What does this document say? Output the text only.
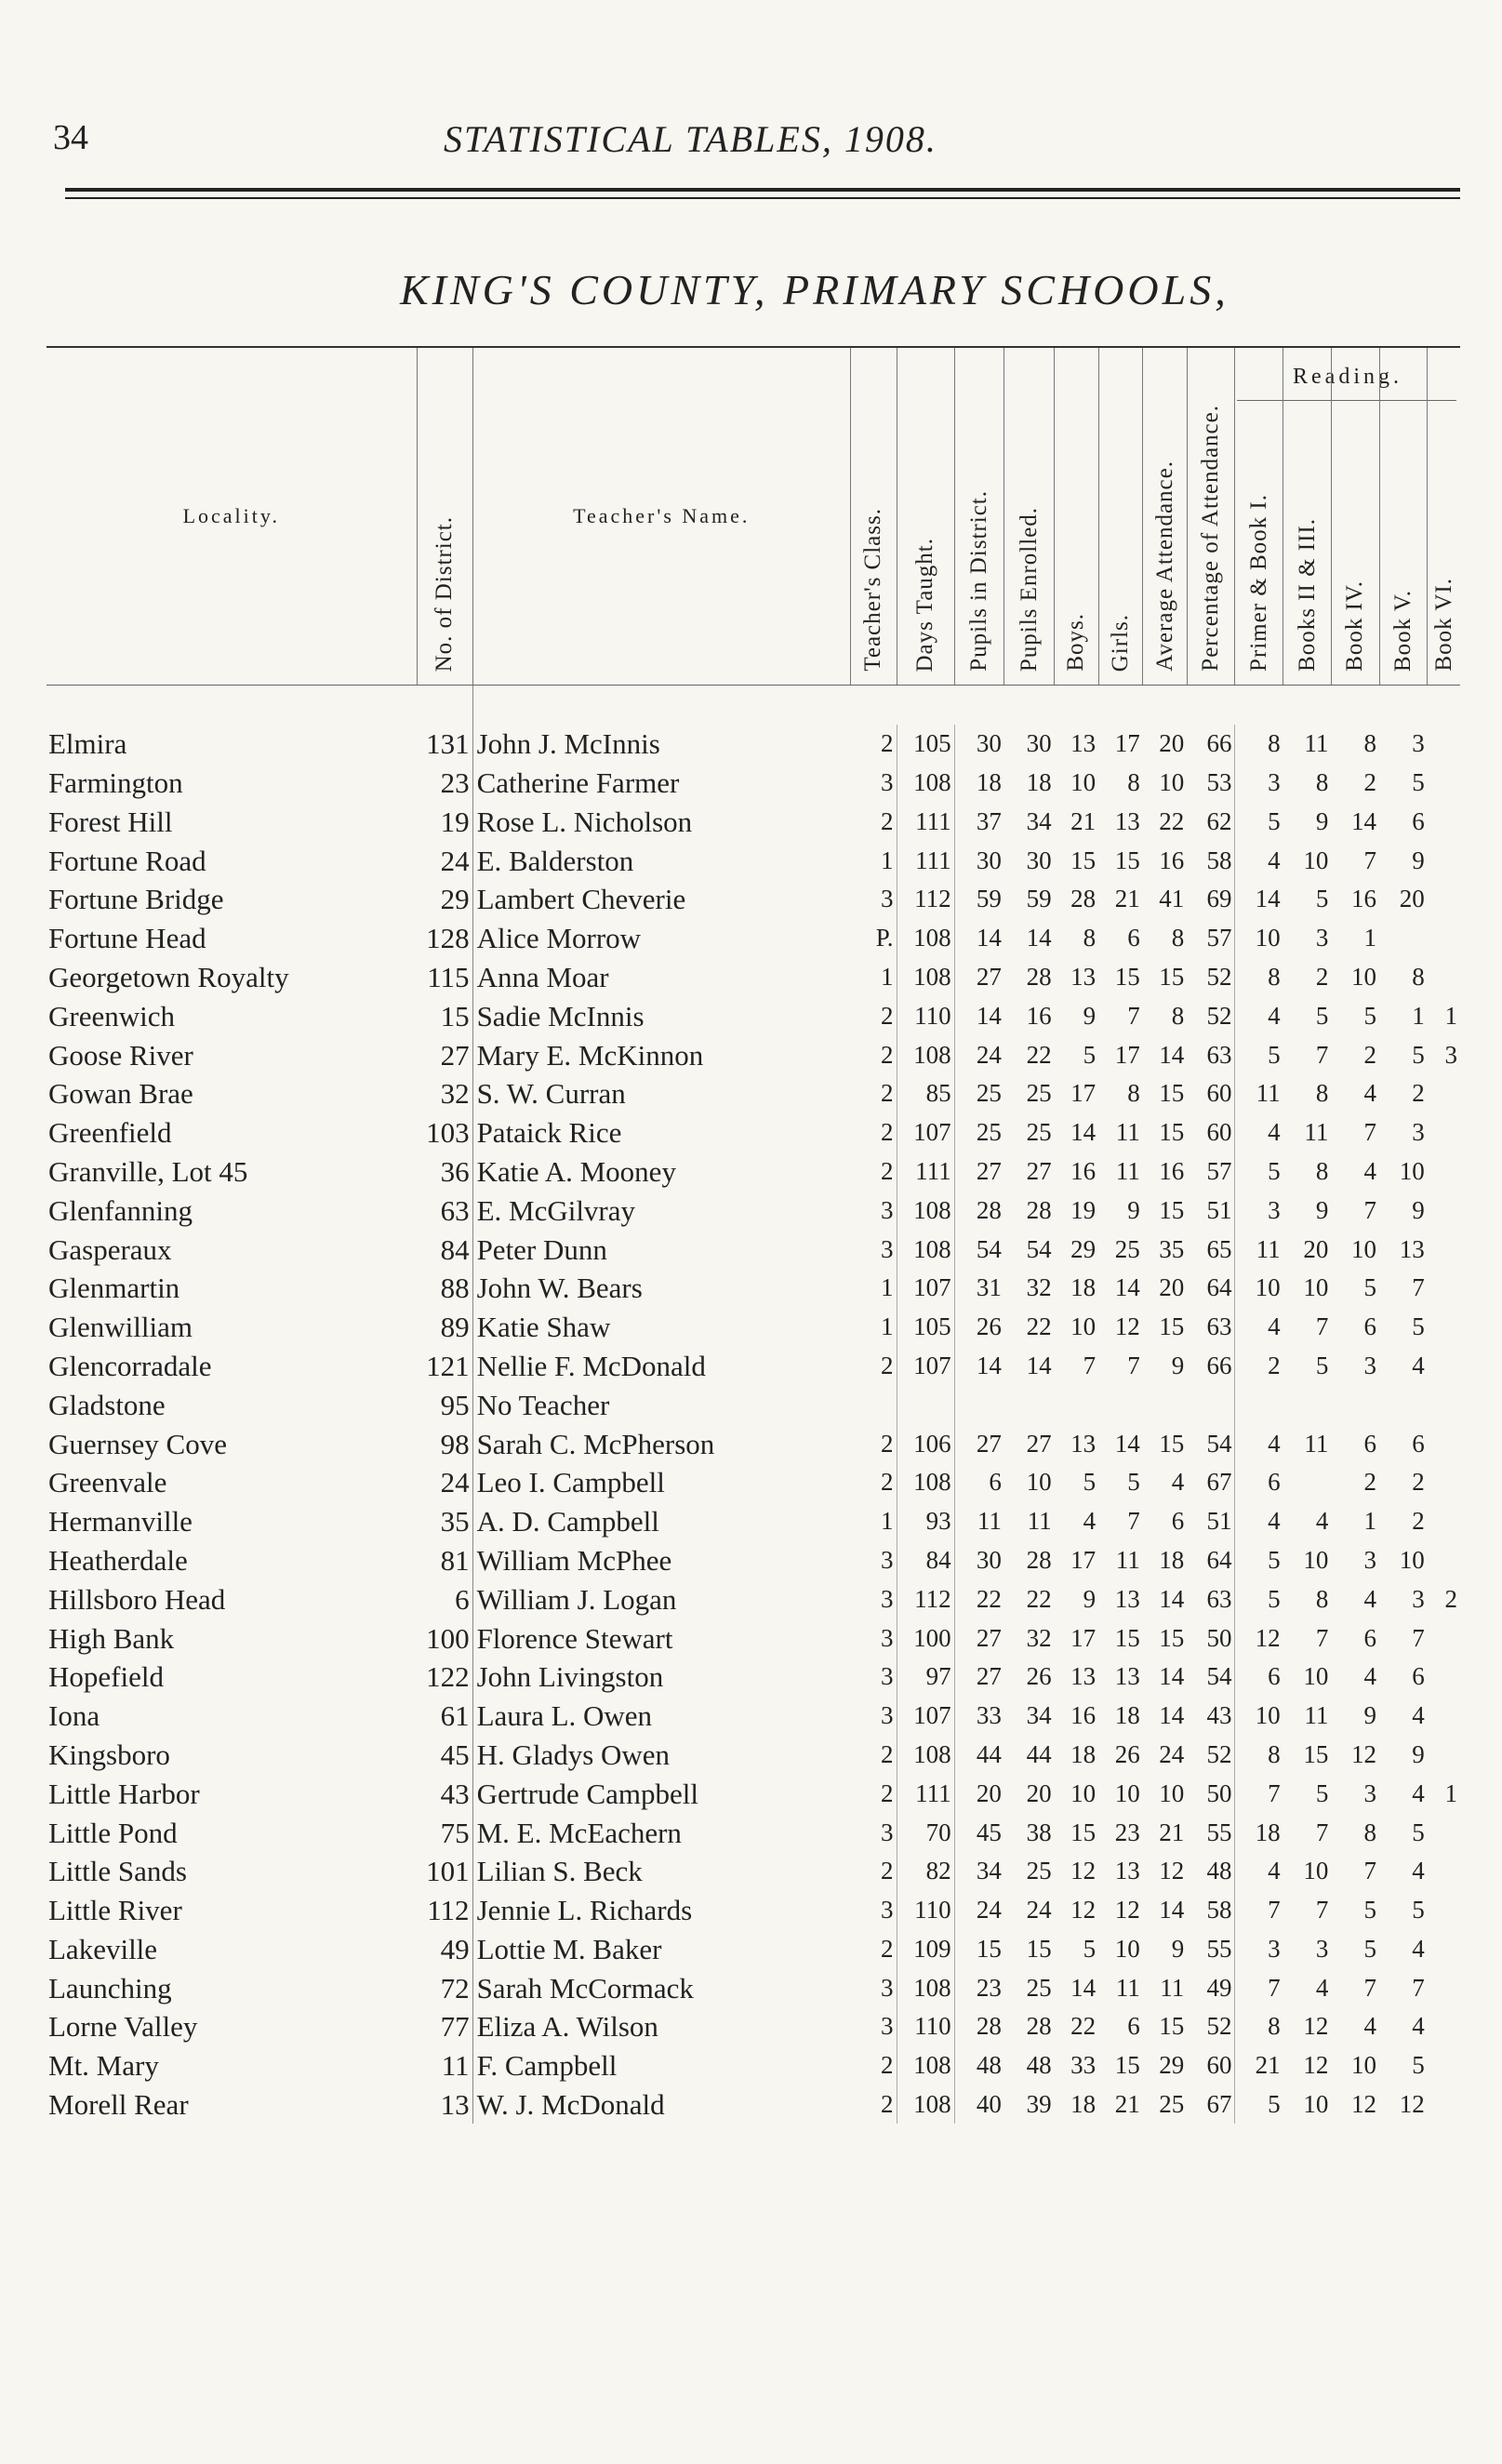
34	STATISTICAL TABLES, 1908.
KING'S COUNTY, PRIMARY SCHOOLS,
Reading.
Locality.	No. of District.	Teacher's Name.	Teacher's Class.	Days Taught.	Pupils in District.	Pupils Enrolled.	Boys.	Girls.	Average Attendance.	Percentage of Attendance.	Primer & Book I.	Books II & III.	Book IV.	Book V.	Book VI.

Elmira	131	John J. McInnis	2	105	30	30	13	17	20	66	8	11	8	3	
Farmington	23	Catherine Farmer	3	108	18	18	10	8	10	53	3	8	2	5	
Forest Hill	19	Rose L. Nicholson	2	111	37	34	21	13	22	62	5	9	14	6	
Fortune Road	24	E. Balderston	1	111	30	30	15	15	16	58	4	10	7	9	
Fortune Bridge	29	Lambert Cheverie	3	112	59	59	28	21	41	69	14	5	16	20	
Fortune Head	128	Alice Morrow	P.	108	14	14	8	6	8	57	10	3	1		
Georgetown Royalty	115	Anna Moar	1	108	27	28	13	15	15	52	8	2	10	8	
Greenwich	15	Sadie McInnis	2	110	14	16	9	7	8	52	4	5	5	1	1
Goose River	27	Mary E. McKinnon	2	108	24	22	5	17	14	63	5	7	2	5	3
Gowan Brae	32	S. W. Curran	2	85	25	25	17	8	15	60	11	8	4	2	
Greenfield	103	Pataick Rice	2	107	25	25	14	11	15	60	4	11	7	3	
Granville, Lot 45	36	Katie A. Mooney	2	111	27	27	16	11	16	57	5	8	4	10	
Glenfanning	63	E. McGilvray	3	108	28	28	19	9	15	51	3	9	7	9	
Gasperaux	84	Peter Dunn	3	108	54	54	29	25	35	65	11	20	10	13	
Glenmartin	88	John W. Bears	1	107	31	32	18	14	20	64	10	10	5	7	
Glenwilliam	89	Katie Shaw	1	105	26	22	10	12	15	63	4	7	6	5	
Glencorradale	121	Nellie F. McDonald	2	107	14	14	7	7	9	66	2	5	3	4	
Gladstone	95	No Teacher													
Guernsey Cove	98	Sarah C. McPherson	2	106	27	27	13	14	15	54	4	11	6	6	
Greenvale	24	Leo I. Campbell	2	108	6	10	5	5	4	67	6		2	2	
Hermanville	35	A. D. Campbell	1	93	11	11	4	7	6	51	4	4	1	2	
Heatherdale	81	William McPhee	3	84	30	28	17	11	18	64	5	10	3	10	
Hillsboro Head	6	William J. Logan	3	112	22	22	9	13	14	63	5	8	4	3	2
High Bank	100	Florence Stewart	3	100	27	32	17	15	15	50	12	7	6	7	
Hopefield	122	John Livingston	3	97	27	26	13	13	14	54	6	10	4	6	
Iona	61	Laura L. Owen	3	107	33	34	16	18	14	43	10	11	9	4	
Kingsboro	45	H. Gladys Owen	2	108	44	44	18	26	24	52	8	15	12	9	
Little Harbor	43	Gertrude Campbell	2	111	20	20	10	10	10	50	7	5	3	4	1
Little Pond	75	M. E. McEachern	3	70	45	38	15	23	21	55	18	7	8	5	
Little Sands	101	Lilian S. Beck	2	82	34	25	12	13	12	48	4	10	7	4	
Little River	112	Jennie L. Richards	3	110	24	24	12	12	14	58	7	7	5	5	
Lakeville	49	Lottie M. Baker	2	109	15	15	5	10	9	55	3	3	5	4	
Launching	72	Sarah McCormack	3	108	23	25	14	11	11	49	7	4	7	7	
Lorne Valley	77	Eliza A. Wilson	3	110	28	28	22	6	15	52	8	12	4	4	
Mt. Mary	11	F. Campbell	2	108	48	48	33	15	29	60	21	12	10	5	
Morell Rear	13	W. J. McDonald	2	108	40	39	18	21	25	67	5	10	12	12	
